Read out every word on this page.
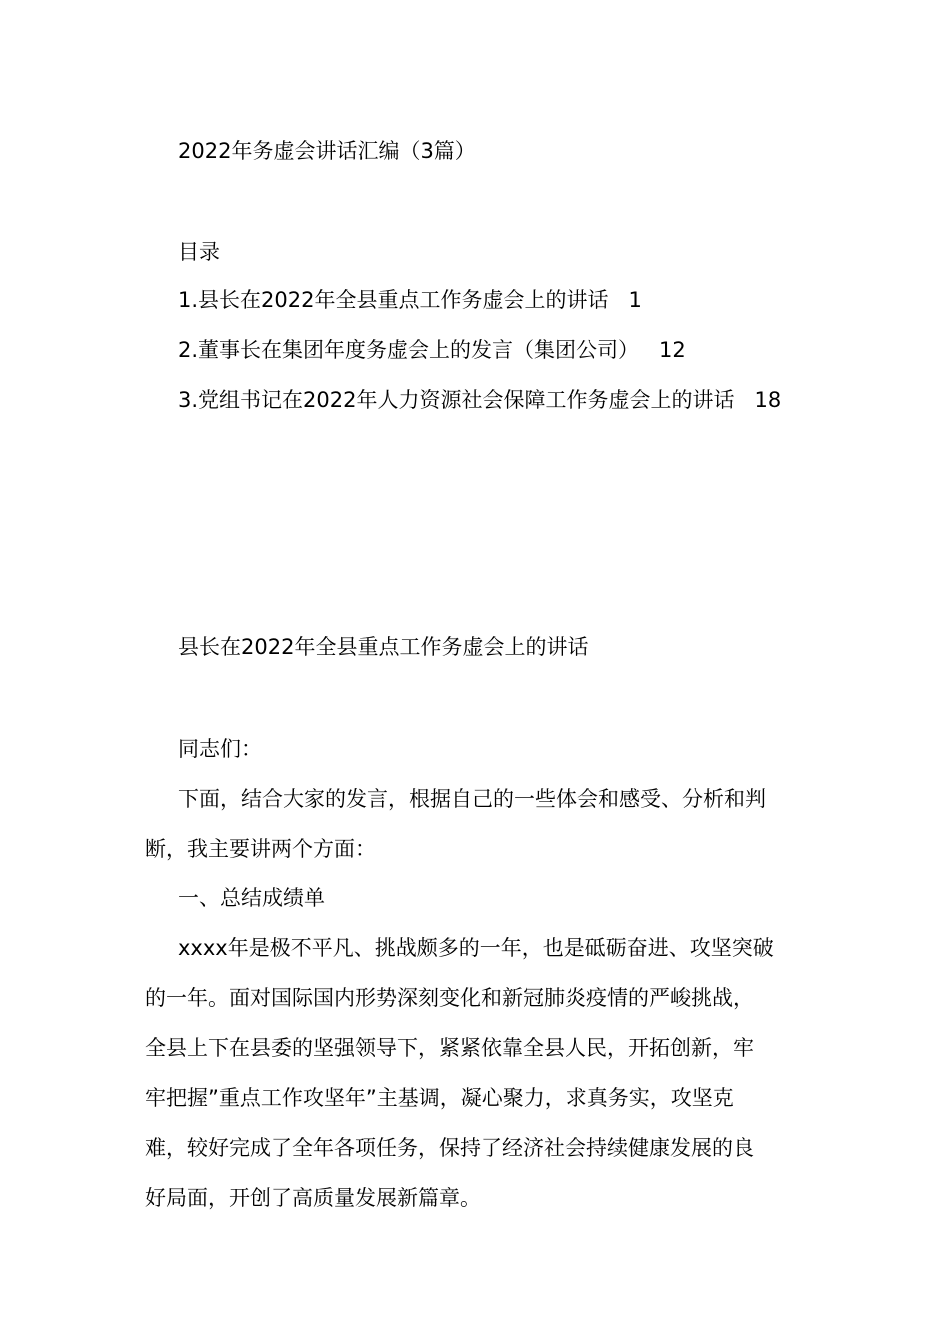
2022年务虚会讲话汇编（3篇）
目录
1.县长在2022年全县重点工作务虚会上的讲话 1
2.董事长在集团年度务虚会上的发言（集团公司） 12
3.党组书记在2022年人力资源社会保障工作务虚会上的讲话 18
县长在2022年全县重点工作务虚会上的讲话
同志们：
下面，结合大家的发言，根据自己的一些体会和感受、分析和判
断，我主要讲两个方面：
一、总结成绩单
xxxx年是极不平凡、挑战颇多的一年，也是砥砺奋进、攻坚突破
的一年。面对国际国内形势深刻变化和新冠肺炎疫情的严峻挑战，
全县上下在县委的坚强领导下，紧紧依靠全县人民，开拓创新，牢
牢把握”重点工作攻坚年”主基调，凝心聚力，求真务实，攻坚克
难，较好完成了全年各项任务，保持了经济社会持续健康发展的良
好局面，开创了高质量发展新篇章。
